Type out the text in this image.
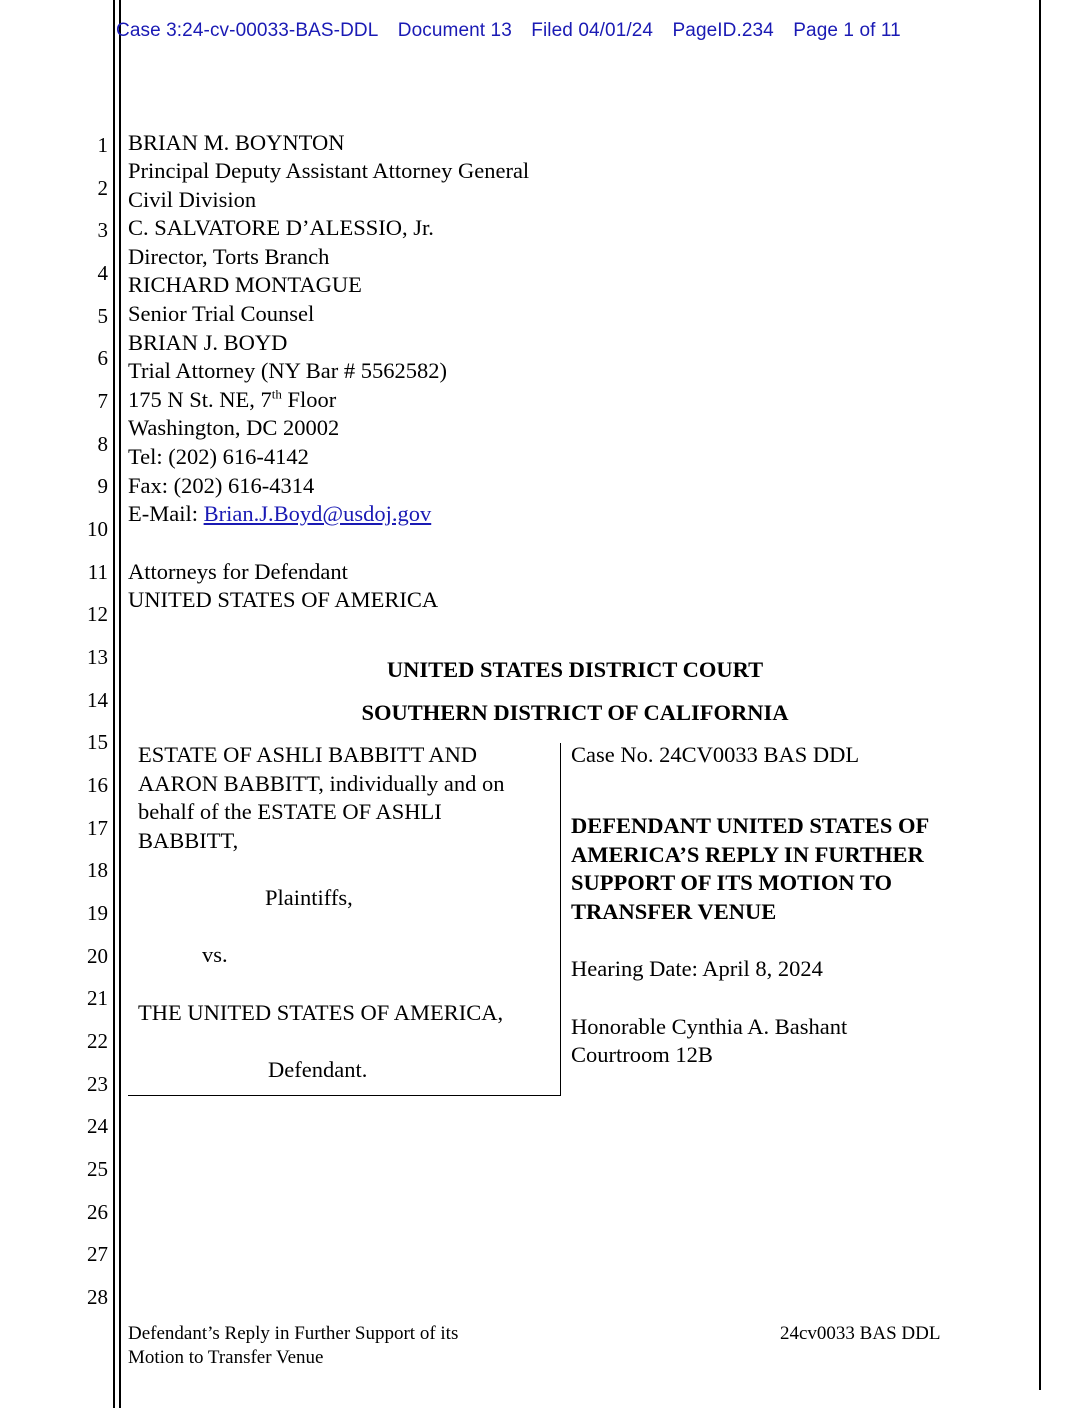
Case 3:24-cv-00033-BAS-DDL Document 13 Filed 04/01/24 PageID.234 Page 1 of 11
1
2
3
4
5
6
7
8
9
10
11
12
13
14
15
16
17
18
19
20
21
22
23
24
25
26
27
28
BRIAN M. BOYNTON
Principal Deputy Assistant Attorney General
Civil Division
C. SALVATORE D’ALESSIO, Jr.
Director, Torts Branch
RICHARD MONTAGUE
Senior Trial Counsel
BRIAN J. BOYD
Trial Attorney (NY Bar # 5562582)
175 N St. NE, 7th Floor
Washington, DC 20002
Tel: (202) 616-4142
Fax: (202) 616-4314
E-Mail: Brian.J.Boyd@usdoj.gov
Attorneys for Defendant
UNITED STATES OF AMERICA
UNITED STATES DISTRICT COURT
SOUTHERN DISTRICT OF CALIFORNIA
ESTATE OF ASHLI BABBITT AND
AARON BABBITT, individually and on
behalf of the ESTATE OF ASHLI
BABBITT,
Plaintiffs,
vs.
THE UNITED STATES OF AMERICA,
Defendant.
Case No. 24CV0033 BAS DDL
DEFENDANT UNITED STATES OF
AMERICA’S REPLY IN FURTHER
SUPPORT OF ITS MOTION TO
TRANSFER VENUE
Hearing Date: April 8, 2024
Honorable Cynthia A. Bashant
Courtroom 12B
Defendant’s Reply in Further Support of its
Motion to Transfer Venue
24cv0033 BAS DDL
